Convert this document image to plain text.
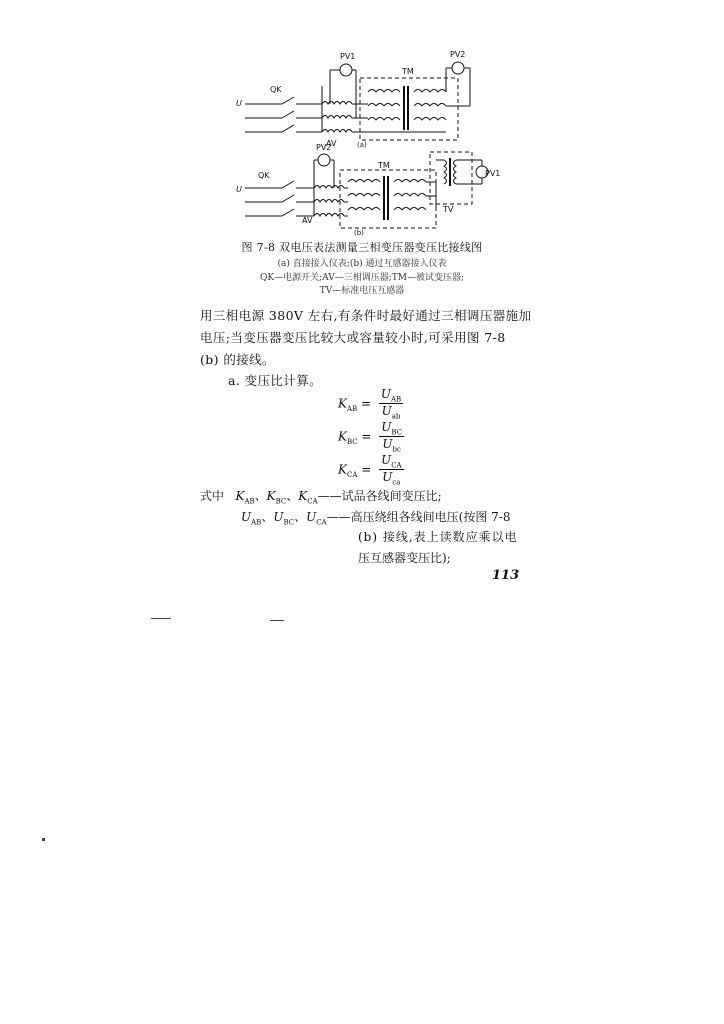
PV1	PV2
TM
QK
U
AV	(a)
PV2
PV1
TM
QK
U
AV
TV
(b)
图 7-8 双电压表法测量三相变压器变压比接线图
(a) 直接接入仪表;(b) 通过互感器接入仪表
QK—电源开关;AV—三相调压器;TM—被试变压器;
TV—标准电压互感器
用三相电源 380V 左右,有条件时最好通过三相调压器施加
电压;当变压器变压比较大或容量较小时,可采用图 7-8
(b) 的接线。
a. 变压比计算。
$K_{AB} = \frac{U_{AB}}{U_{ab}}$
$K_{BC} = \frac{U_{BC}}{U_{bc}}$
$K_{CA} = \frac{U_{CA}}{U_{ca}}$
式中 $K_{AB}$、$K_{BC}$、$K_{CA}——$试品各线间变压比;
$U_{AB}$、$U_{BC}$、$U_{CA}——$高压绕组各线间电压(按图 7-8
(b) 接线,表上读数应乘以电
压互感器变压比);
113
